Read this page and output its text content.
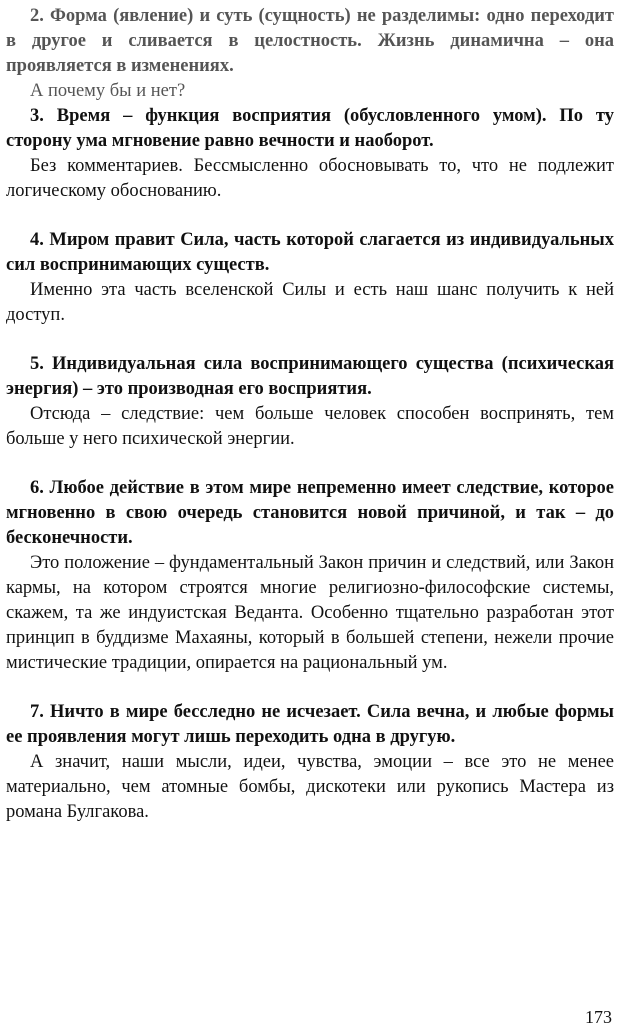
2. Форма (явление) и суть (сущность) не разделимы: одно переходит в другое и сливается в целостность. Жизнь динамична – она проявляется в изменениях.

А почему бы и нет?

3. Время – функция восприятия (обусловленного умом). По ту сторону ума мгновение равно вечности и наоборот.

Без комментариев. Бессмысленно обосновывать то, что не подлежит логическому обоснованию.

4. Миром правит Сила, часть которой слагается из индивидуальных сил воспринимающих существ.

Именно эта часть вселенской Силы и есть наш шанс получить к ней доступ.

5. Индивидуальная сила воспринимающего существа (психическая энергия) – это производная его восприятия.

Отсюда – следствие: чем больше человек способен воспринять, тем больше у него психической энергии.

6. Любое действие в этом мире непременно имеет следствие, которое мгновенно в свою очередь становится новой причиной, и так – до бесконечности.

Это положение – фундаментальный Закон причин и следствий, или Закон кармы, на котором строятся многие религиозно-философские системы, скажем, та же индуистская Веданта. Особенно тщательно разработан этот принцип в буддизме Махаяны, который в большей степени, нежели прочие мистические традиции, опирается на рациональный ум.

7. Ничто в мире бесследно не исчезает. Сила вечна, и любые формы ее проявления могут лишь переходить одна в другую.

А значит, наши мысли, идеи, чувства, эмоции – все это не менее материально, чем атомные бомбы, дискотеки или рукопись Мастера из романа Булгакова.

173
